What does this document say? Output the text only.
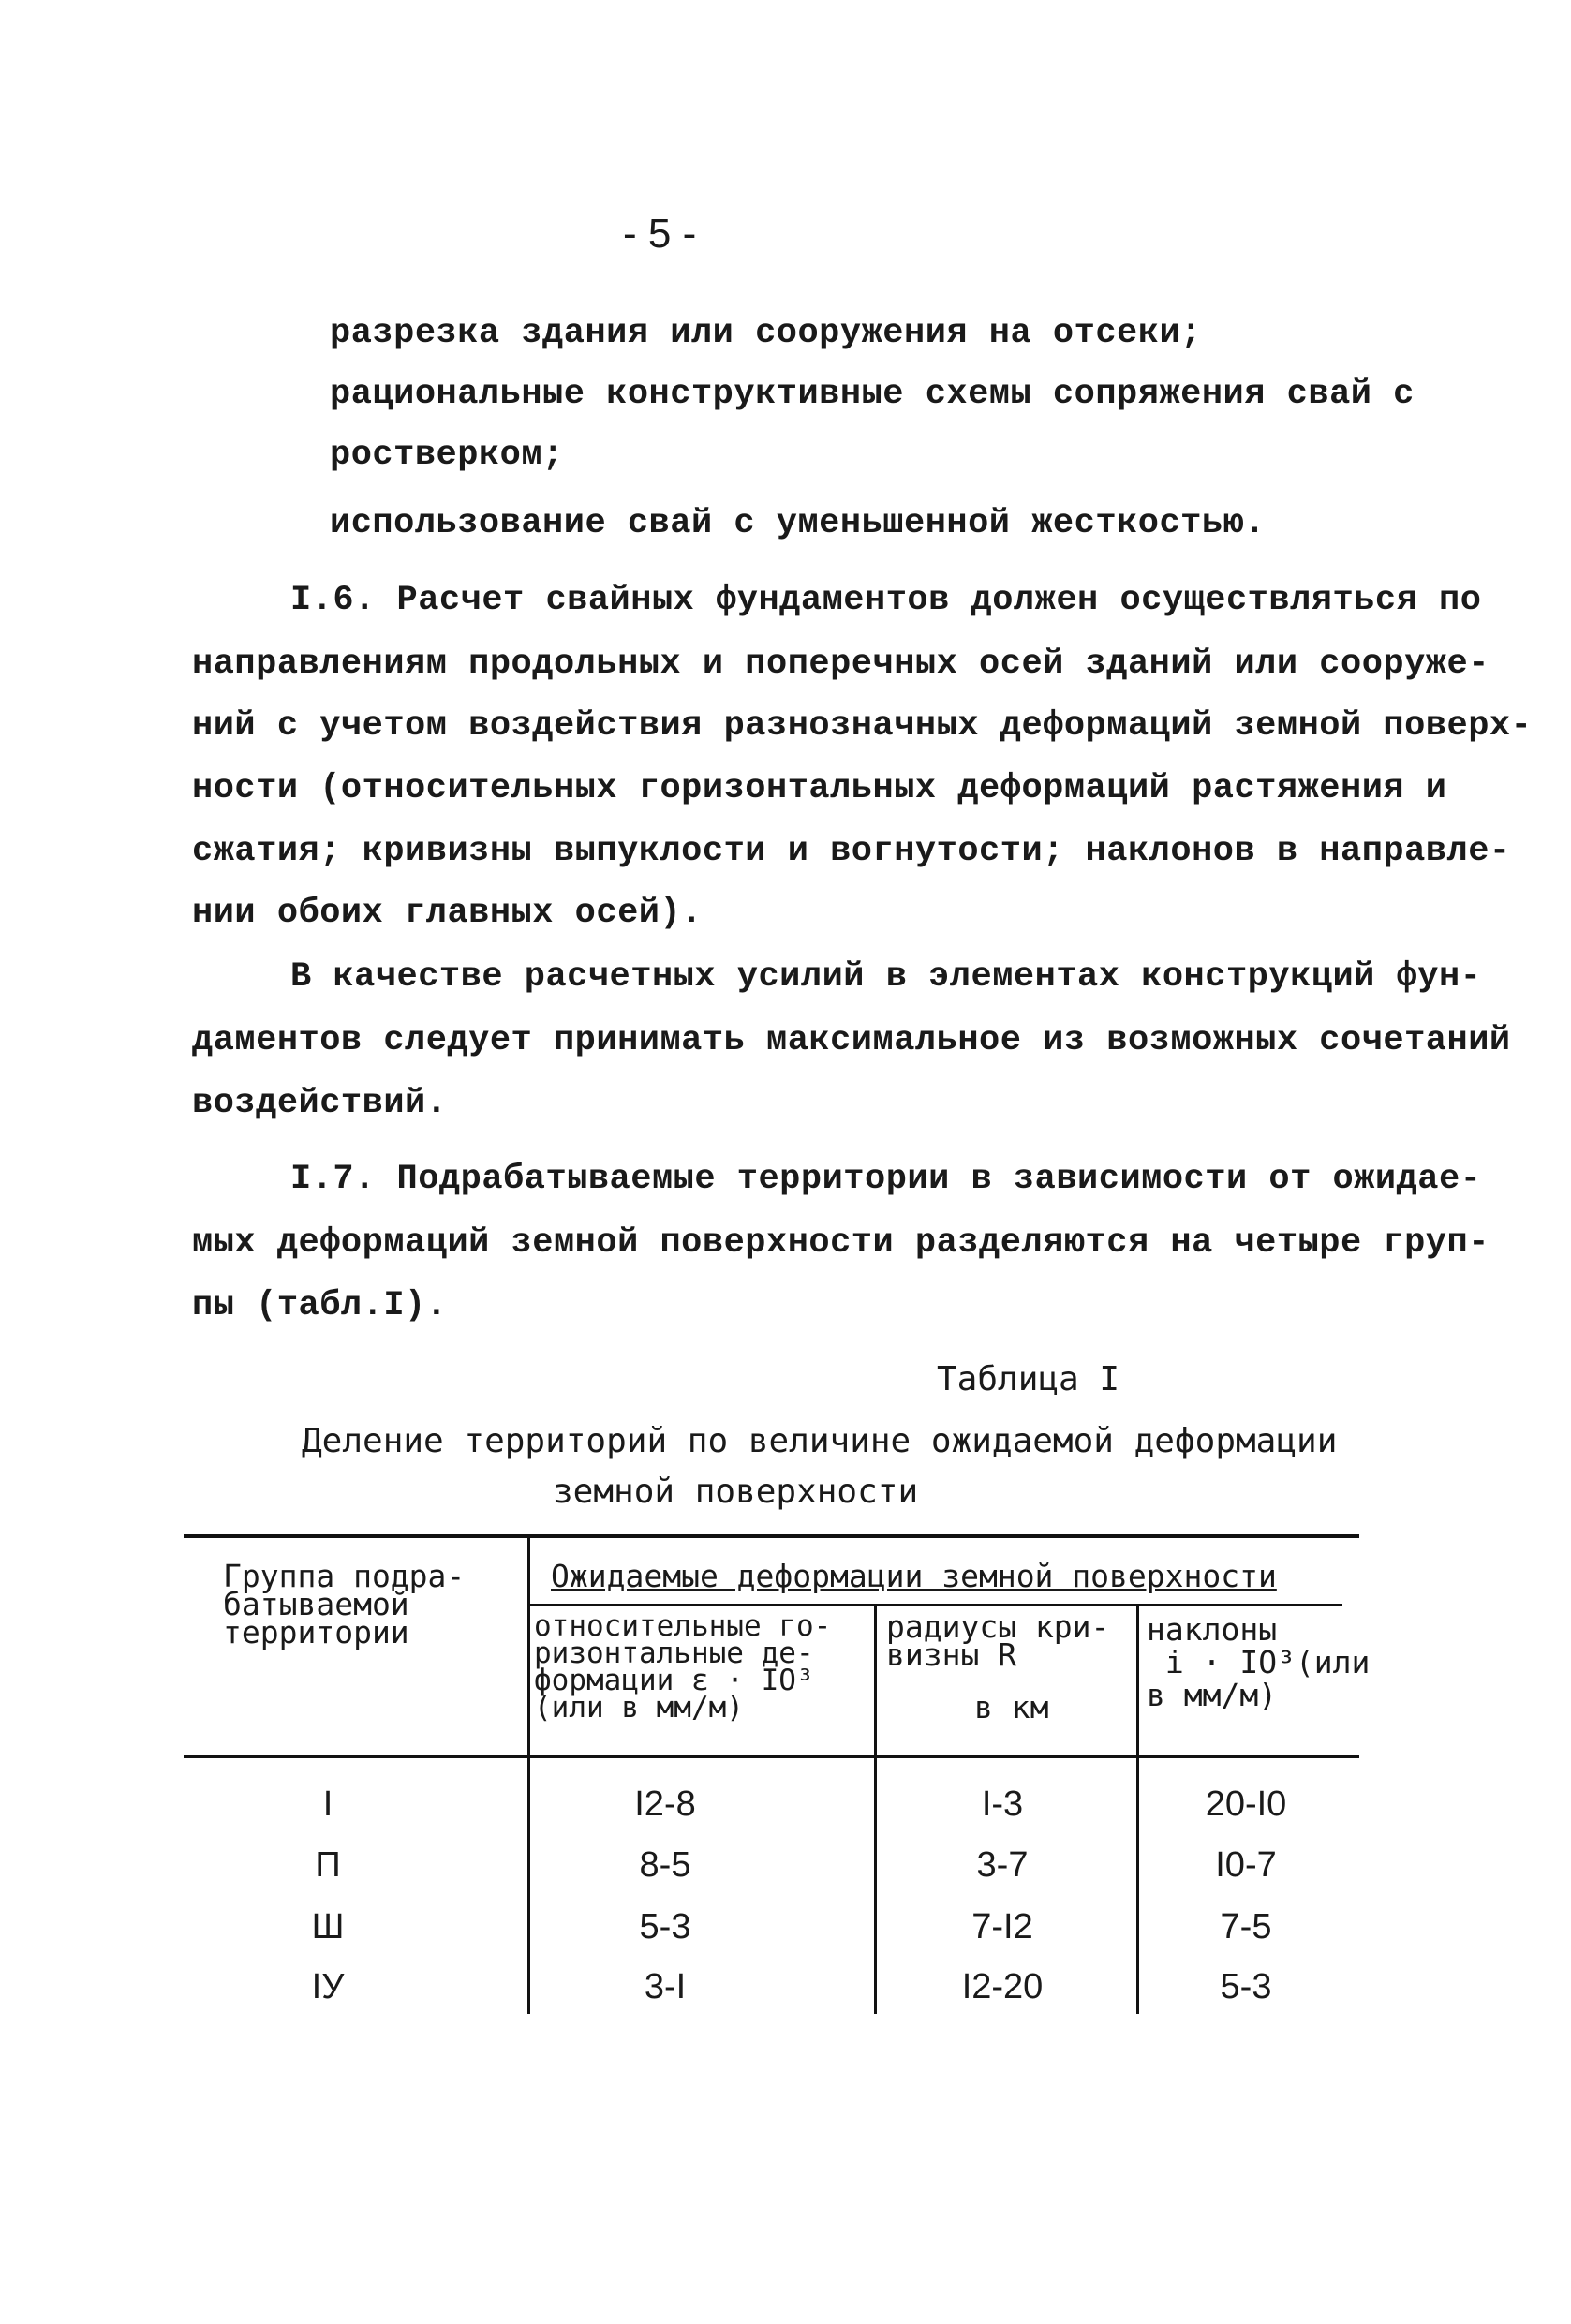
- 5 -
разрезка здания или сооружения на отсеки;
рациональные конструктивные схемы сопряжения свай с
ростверком;
использование свай с уменьшенной жесткостью.
I.6. Расчет свайных фундаментов должен осуществляться по
направлениям продольных и поперечных осей зданий или сооруже-
ний с учетом воздействия разнозначных деформаций земной поверх-
ности (относительных горизонтальных деформаций растяжения и
сжатия; кривизны выпуклости и вогнутости; наклонов в направле-
нии обоих главных осей).
В качестве расчетных усилий в элементах конструкций фун-
даментов следует принимать максимальное из возможных сочетаний
воздействий.
I.7. Подрабатываемые территории в зависимости от ожидае-
мых деформаций земной поверхности разделяются на четыре груп-
пы (табл.I).
Таблица I
Деление территорий по величине ожидаемой деформации
земной поверхности
Группа подра-
батываемой
территории
Ожидаемые деформации земной поверхности
относительные го-
ризонтальные де-
формации ε · IO³
(или в мм/м)
радиусы кри-
визны R
в км
наклоны
i · IO³(или
в мм/м)
I	I2-8	I-3	20-I0
П	8-5	3-7	I0-7
Ш	5-3	7-I2	7-5
IУ	3-I	I2-20	5-3
